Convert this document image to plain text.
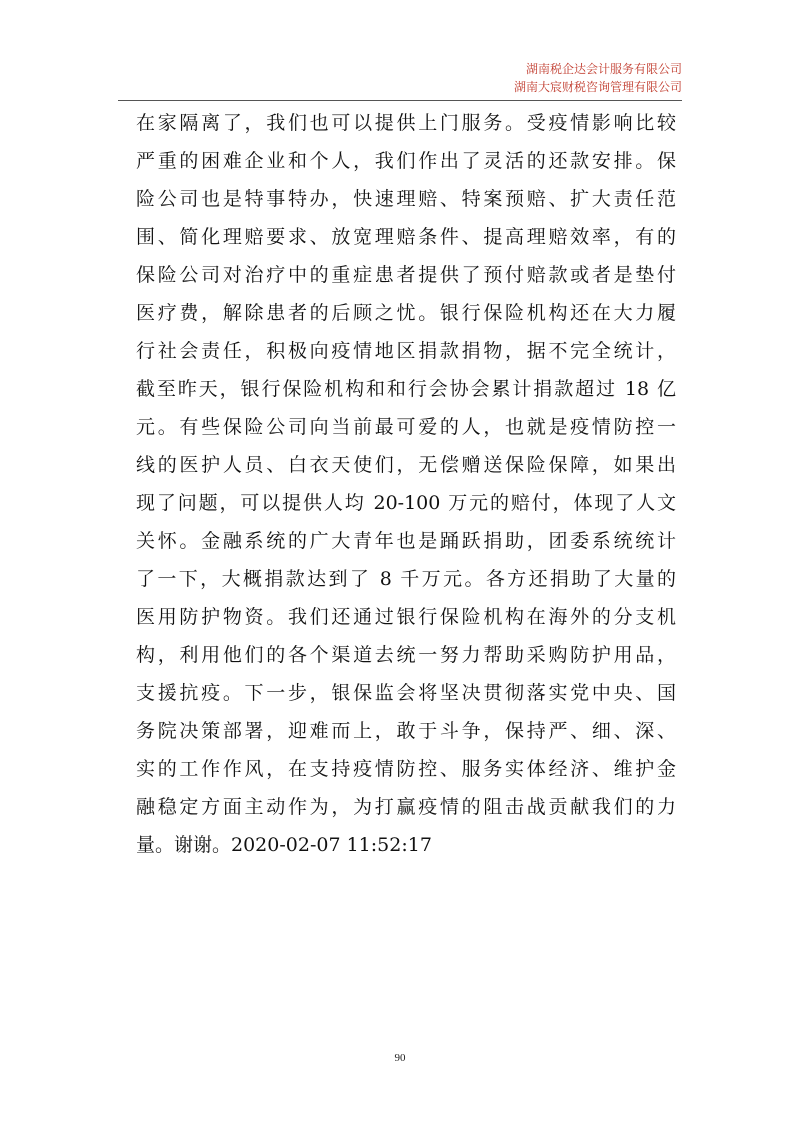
湖南税企达会计服务有限公司
湖南大宸财税咨询管理有限公司
在家隔离了，我们也可以提供上门服务。受疫情影响比较
严重的困难企业和个人，我们作出了灵活的还款安排。保
险公司也是特事特办，快速理赔、特案预赔、扩大责任范
围、简化理赔要求、放宽理赔条件、提高理赔效率，有的
保险公司对治疗中的重症患者提供了预付赔款或者是垫付
医疗费，解除患者的后顾之忧。银行保险机构还在大力履
行社会责任，积极向疫情地区捐款捐物，据不完全统计，
截至昨天，银行保险机构和和行会协会累计捐款超过 18 亿
元。有些保险公司向当前最可爱的人，也就是疫情防控一
线的医护人员、白衣天使们，无偿赠送保险保障，如果出
现了问题，可以提供人均 20-100 万元的赔付，体现了人文
关怀。金融系统的广大青年也是踊跃捐助，团委系统统计
了一下，大概捐款达到了 8 千万元。各方还捐助了大量的
医用防护物资。我们还通过银行保险机构在海外的分支机
构，利用他们的各个渠道去统一努力帮助采购防护用品，
支援抗疫。下一步，银保监会将坚决贯彻落实党中央、国
务院决策部署，迎难而上，敢于斗争，保持严、细、深、
实的工作作风，在支持疫情防控、服务实体经济、维护金
融稳定方面主动作为，为打赢疫情的阻击战贡献我们的力
量。谢谢。2020-02-07 11:52:17
90
